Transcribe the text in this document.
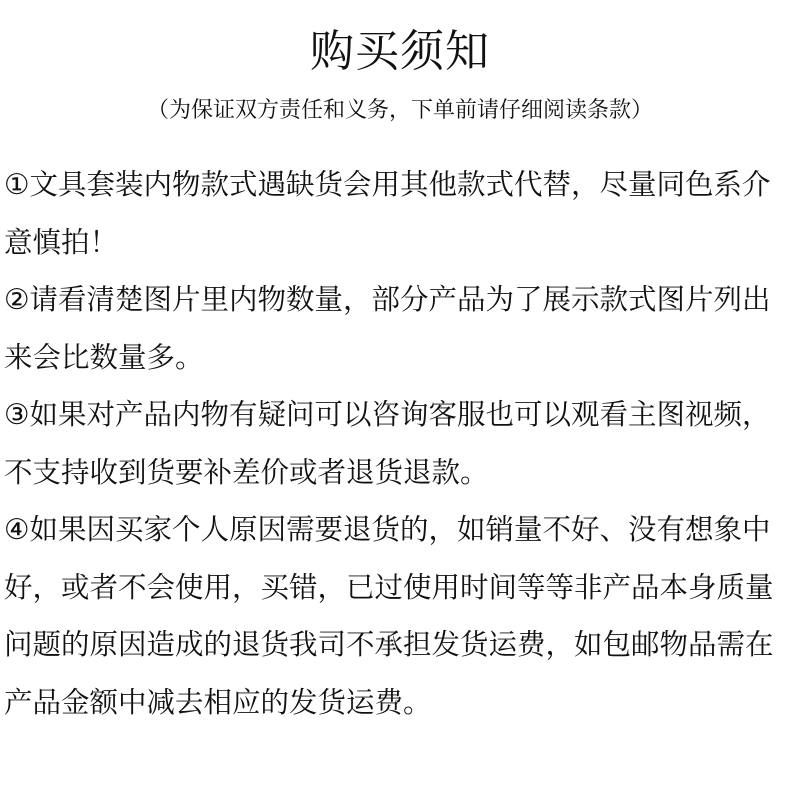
购买须知

（为保证双方责任和义务，下单前请仔细阅读条款）

①文具套装内物款式遇缺货会用其他款式代替，尽量同色系介意慎拍！

②请看清楚图片里内物数量，部分产品为了展示款式图片列出来会比数量多。

③如果对产品内物有疑问可以咨询客服也可以观看主图视频，不支持收到货要补差价或者退货退款。

④如果因买家个人原因需要退货的，如销量不好、没有想象中好，或者不会使用，买错，已过使用时间等等非产品本身质量问题的原因造成的退货我司不承担发货运费，如包邮物品需在产品金额中减去相应的发货运费。
